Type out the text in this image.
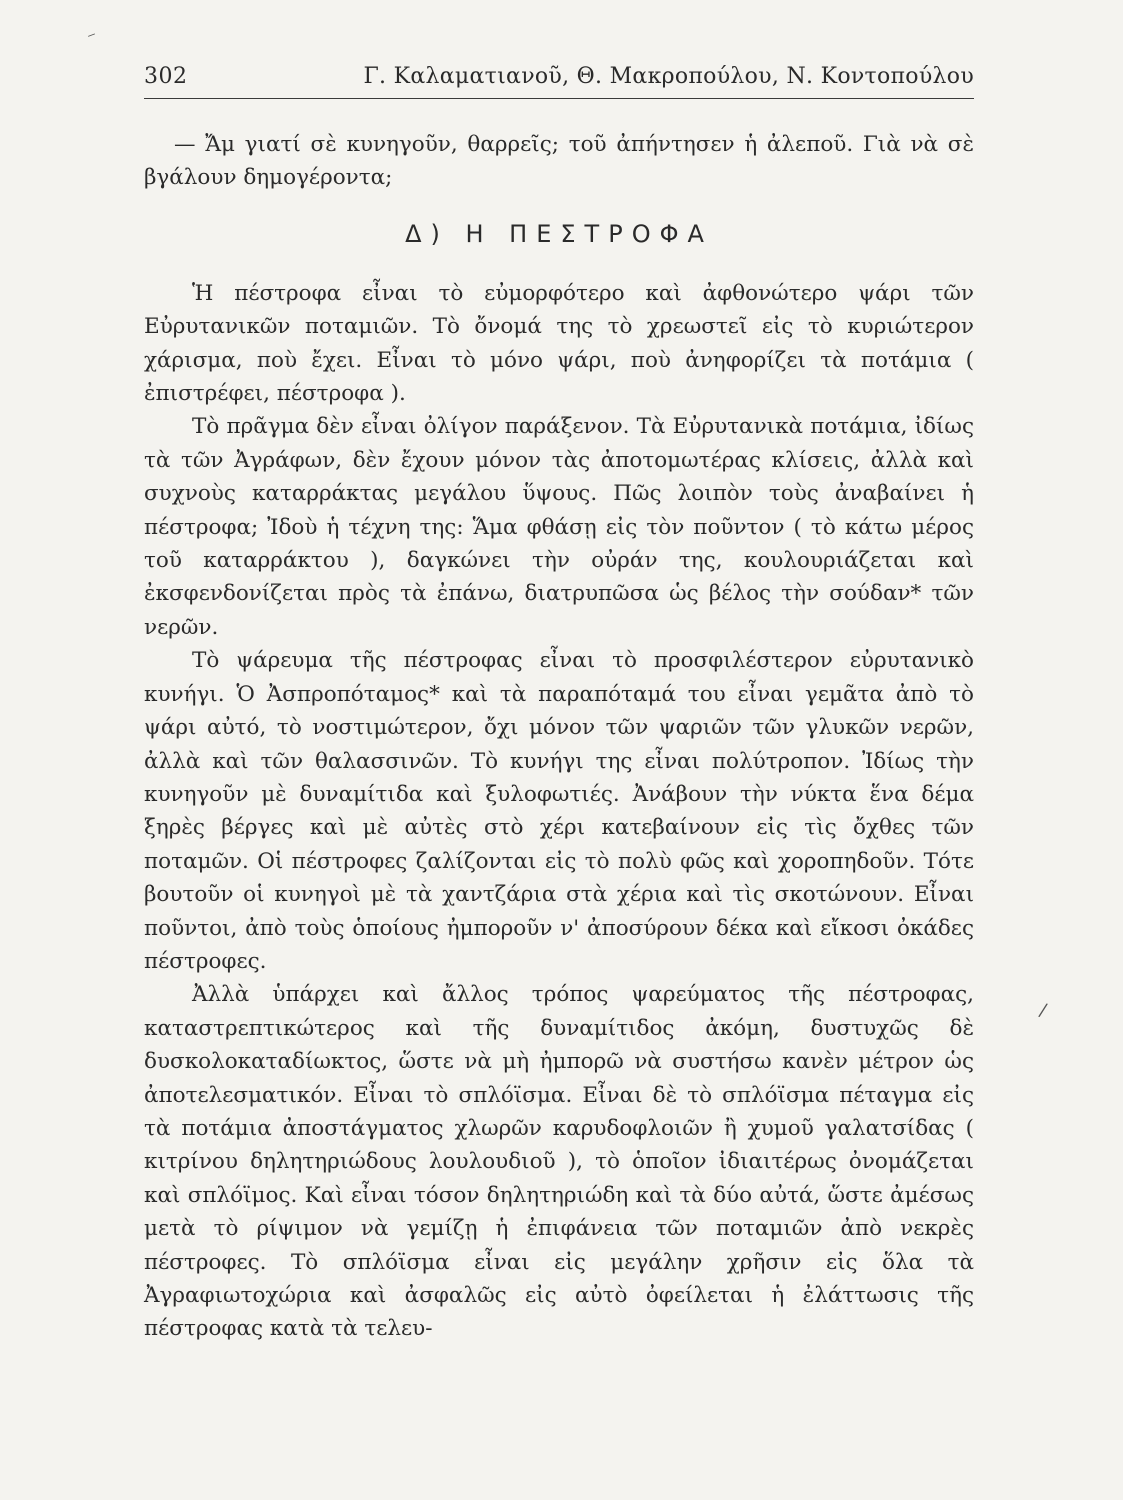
302	Γ. Καλαματιανοῦ, Θ. Μακροπούλου, Ν. Κοντοπούλου

— Ἄμ γιατί σὲ κυνηγοῦν, θαρρεῖς; τοῦ ἀπήντησεν ἡ ἀλεποῦ. Γιὰ νὰ σὲ βγάλουν δημογέροντα;

Δ) Η ΠΕΣΤΡΟΦΑ

Ἡ πέστροφα εἶναι τὸ εὐμορφότερο καὶ ἀφθονώτερο ψάρι τῶν Εὐρυτανικῶν ποταμιῶν. Τὸ ὄνομά της τὸ χρεωστεῖ εἰς τὸ κυριώτερον χάρισμα, ποὺ ἔχει. Εἶναι τὸ μόνο ψάρι, ποὺ ἀνηφορίζει τὰ ποτάμια ( ἐπιστρέφει, πέστροφα ).

Τὸ πρᾶγμα δὲν εἶναι ὀλίγον παράξενον. Τὰ Εὐρυτανικὰ ποτάμια, ἰδίως τὰ τῶν Ἀγράφων, δὲν ἔχουν μόνον τὰς ἀποτομωτέρας κλίσεις, ἀλλὰ καὶ συχνοὺς καταρράκτας μεγάλου ὕψους. Πῶς λοιπὸν τοὺς ἀναβαίνει ἡ πέστροφα; Ἰδοὺ ἡ τέχνη της: Ἅμα φθάσῃ εἰς τὸν ποῦντον ( τὸ κάτω μέρος τοῦ καταρράκτου ), δαγκώνει τὴν οὐράν της, κουλουριάζεται καὶ ἐκσφενδονίζεται πρὸς τὰ ἐπάνω, διατρυπῶσα ὡς βέλος τὴν σούδαν* τῶν νερῶν.

Τὸ ψάρευμα τῆς πέστροφας εἶναι τὸ προσφιλέστερον εὐρυτανικὸ κυνήγι. Ὁ Ἀσπροπόταμος* καὶ τὰ παραπόταμά του εἶναι γεμᾶτα ἀπὸ τὸ ψάρι αὐτό, τὸ νοστιμώτερον, ὄχι μόνον τῶν ψαριῶν τῶν γλυκῶν νερῶν, ἀλλὰ καὶ τῶν θαλασσινῶν. Τὸ κυνήγι της εἶναι πολύτροπον. Ἰδίως τὴν κυνηγοῦν μὲ δυναμίτιδα καὶ ξυλοφωτιές. Ἀνάβουν τὴν νύκτα ἕνα δέμα ξηρὲς βέργες καὶ μὲ αὐτὲς στὸ χέρι κατεβαίνουν εἰς τὶς ὄχθες τῶν ποταμῶν. Οἱ πέστροφες ζαλίζονται εἰς τὸ πολὺ φῶς καὶ χοροπηδοῦν. Τότε βουτοῦν οἱ κυνηγοὶ μὲ τὰ χαντζάρια στὰ χέρια καὶ τὶς σκοτώνουν. Εἶναι ποῦντοι, ἀπὸ τοὺς ὁποίους ἠμποροῦν ν' ἀποσύρουν δέκα καὶ εἴκοσι ὀκάδες πέστροφες.

Ἀλλὰ ὑπάρχει καὶ ἄλλος τρόπος ψαρεύματος τῆς πέστροφας, καταστρεπτικώτερος καὶ τῆς δυναμίτιδος ἀκόμη, δυστυχῶς δὲ δυσκολοκαταδίωκτος, ὥστε νὰ μὴ ἠμπορῶ νὰ συστήσω κανὲν μέτρον ὡς ἀποτελεσματικόν. Εἶναι τὸ σπλόϊσμα. Εἶναι δὲ τὸ σπλόϊσμα πέταγμα εἰς τὰ ποτάμια ἀποστάγματος χλωρῶν καρυδοφλοιῶν ἢ χυμοῦ γαλατσίδας ( κιτρίνου δηλητηριώδους λουλουδιοῦ ), τὸ ὁποῖον ἰδιαιτέρως ὀνομάζεται καὶ σπλόϊμος. Καὶ εἶναι τόσον δηλητηριώδη καὶ τὰ δύο αὐτά, ὥστε ἀμέσως μετὰ τὸ ρίψιμον νὰ γεμίζῃ ἡ ἐπιφάνεια τῶν ποταμιῶν ἀπὸ νεκρὲς πέστροφες. Τὸ σπλόϊσμα εἶναι εἰς μεγάλην χρῆσιν εἰς ὅλα τὰ Ἀγραφιωτοχώρια καὶ ἀσφαλῶς εἰς αὐτὸ ὀφείλεται ἡ ἐλάττωσις τῆς πέστροφας κατὰ τὰ τελευ-

⁻
/
